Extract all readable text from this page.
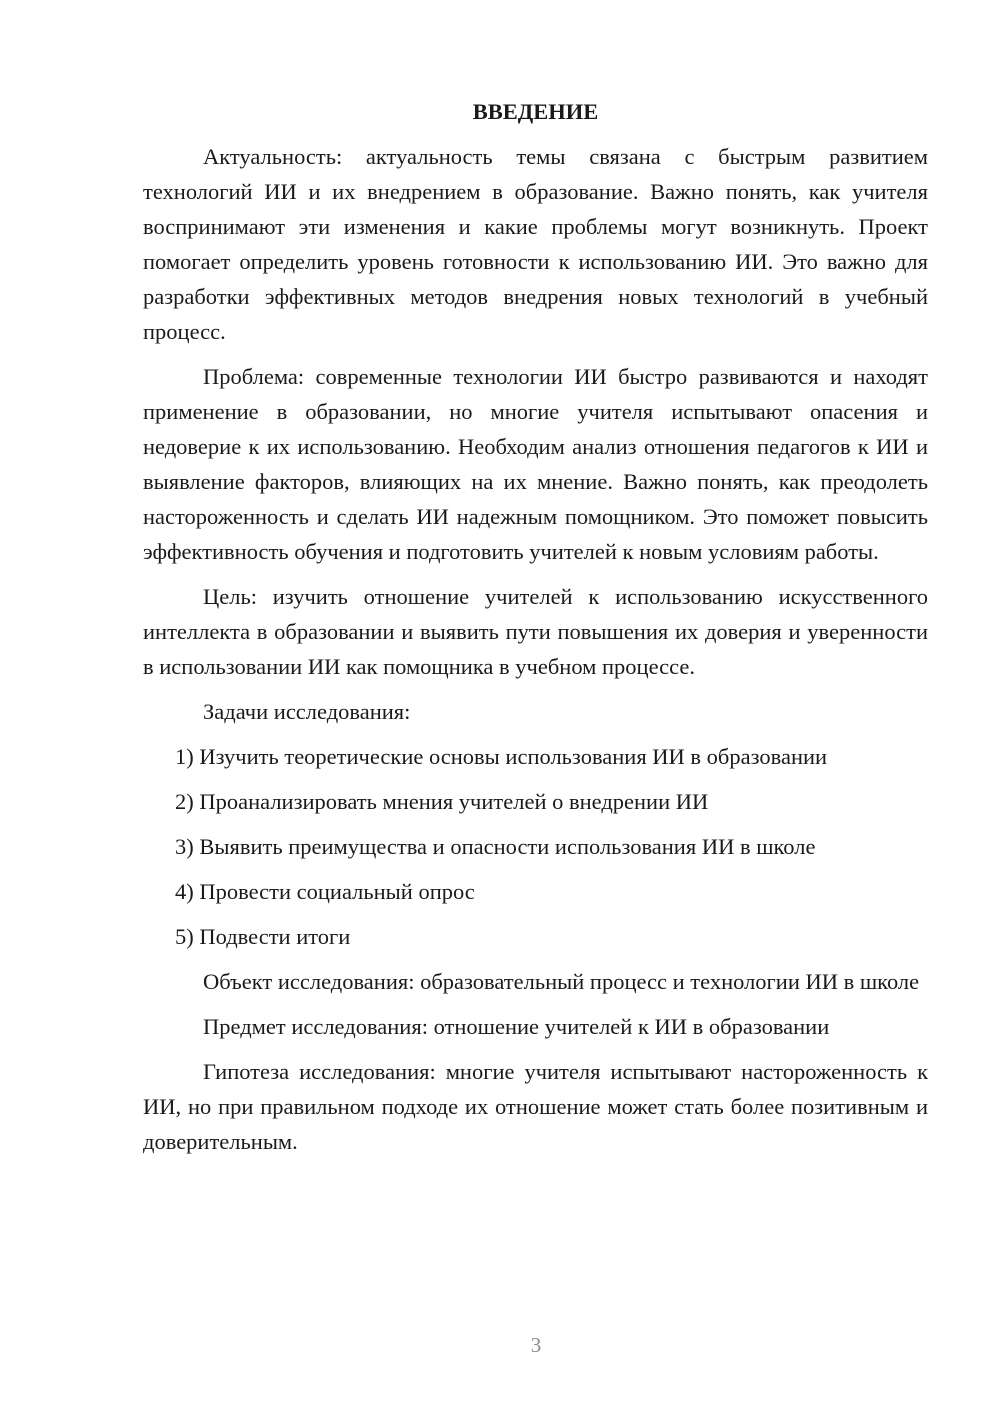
ВВЕДЕНИЕ

Актуальность: актуальность темы связана с быстрым развитием технологий ИИ и их внедрением в образование. Важно понять, как учителя воспринимают эти изменения и какие проблемы могут возникнуть. Проект помогает определить уровень готовности к использованию ИИ. Это важно для разработки эффективных методов внедрения новых технологий в учебный процесс.

Проблема: современные технологии ИИ быстро развиваются и находят применение в образовании, но многие учителя испытывают опасения и недоверие к их использованию. Необходим анализ отношения педагогов к ИИ и выявление факторов, влияющих на их мнение. Важно понять, как преодолеть настороженность и сделать ИИ надежным помощником. Это поможет повысить эффективность обучения и подготовить учителей к новым условиям работы.

Цель: изучить отношение учителей к использованию искусственного интеллекта в образовании и выявить пути повышения их доверия и уверенности в использовании ИИ как помощника в учебном процессе.

Задачи исследования:

1) Изучить теоретические основы использования ИИ в образовании
2) Проанализировать мнения учителей о внедрении ИИ
3) Выявить преимущества и опасности использования ИИ в школе
4) Провести социальный опрос
5) Подвести итоги

Объект исследования: образовательный процесс и технологии ИИ в школе

Предмет исследования: отношение учителей к ИИ в образовании

Гипотеза исследования: многие учителя испытывают настороженность к ИИ, но при правильном подходе их отношение может стать более позитивным и доверительным.

3
